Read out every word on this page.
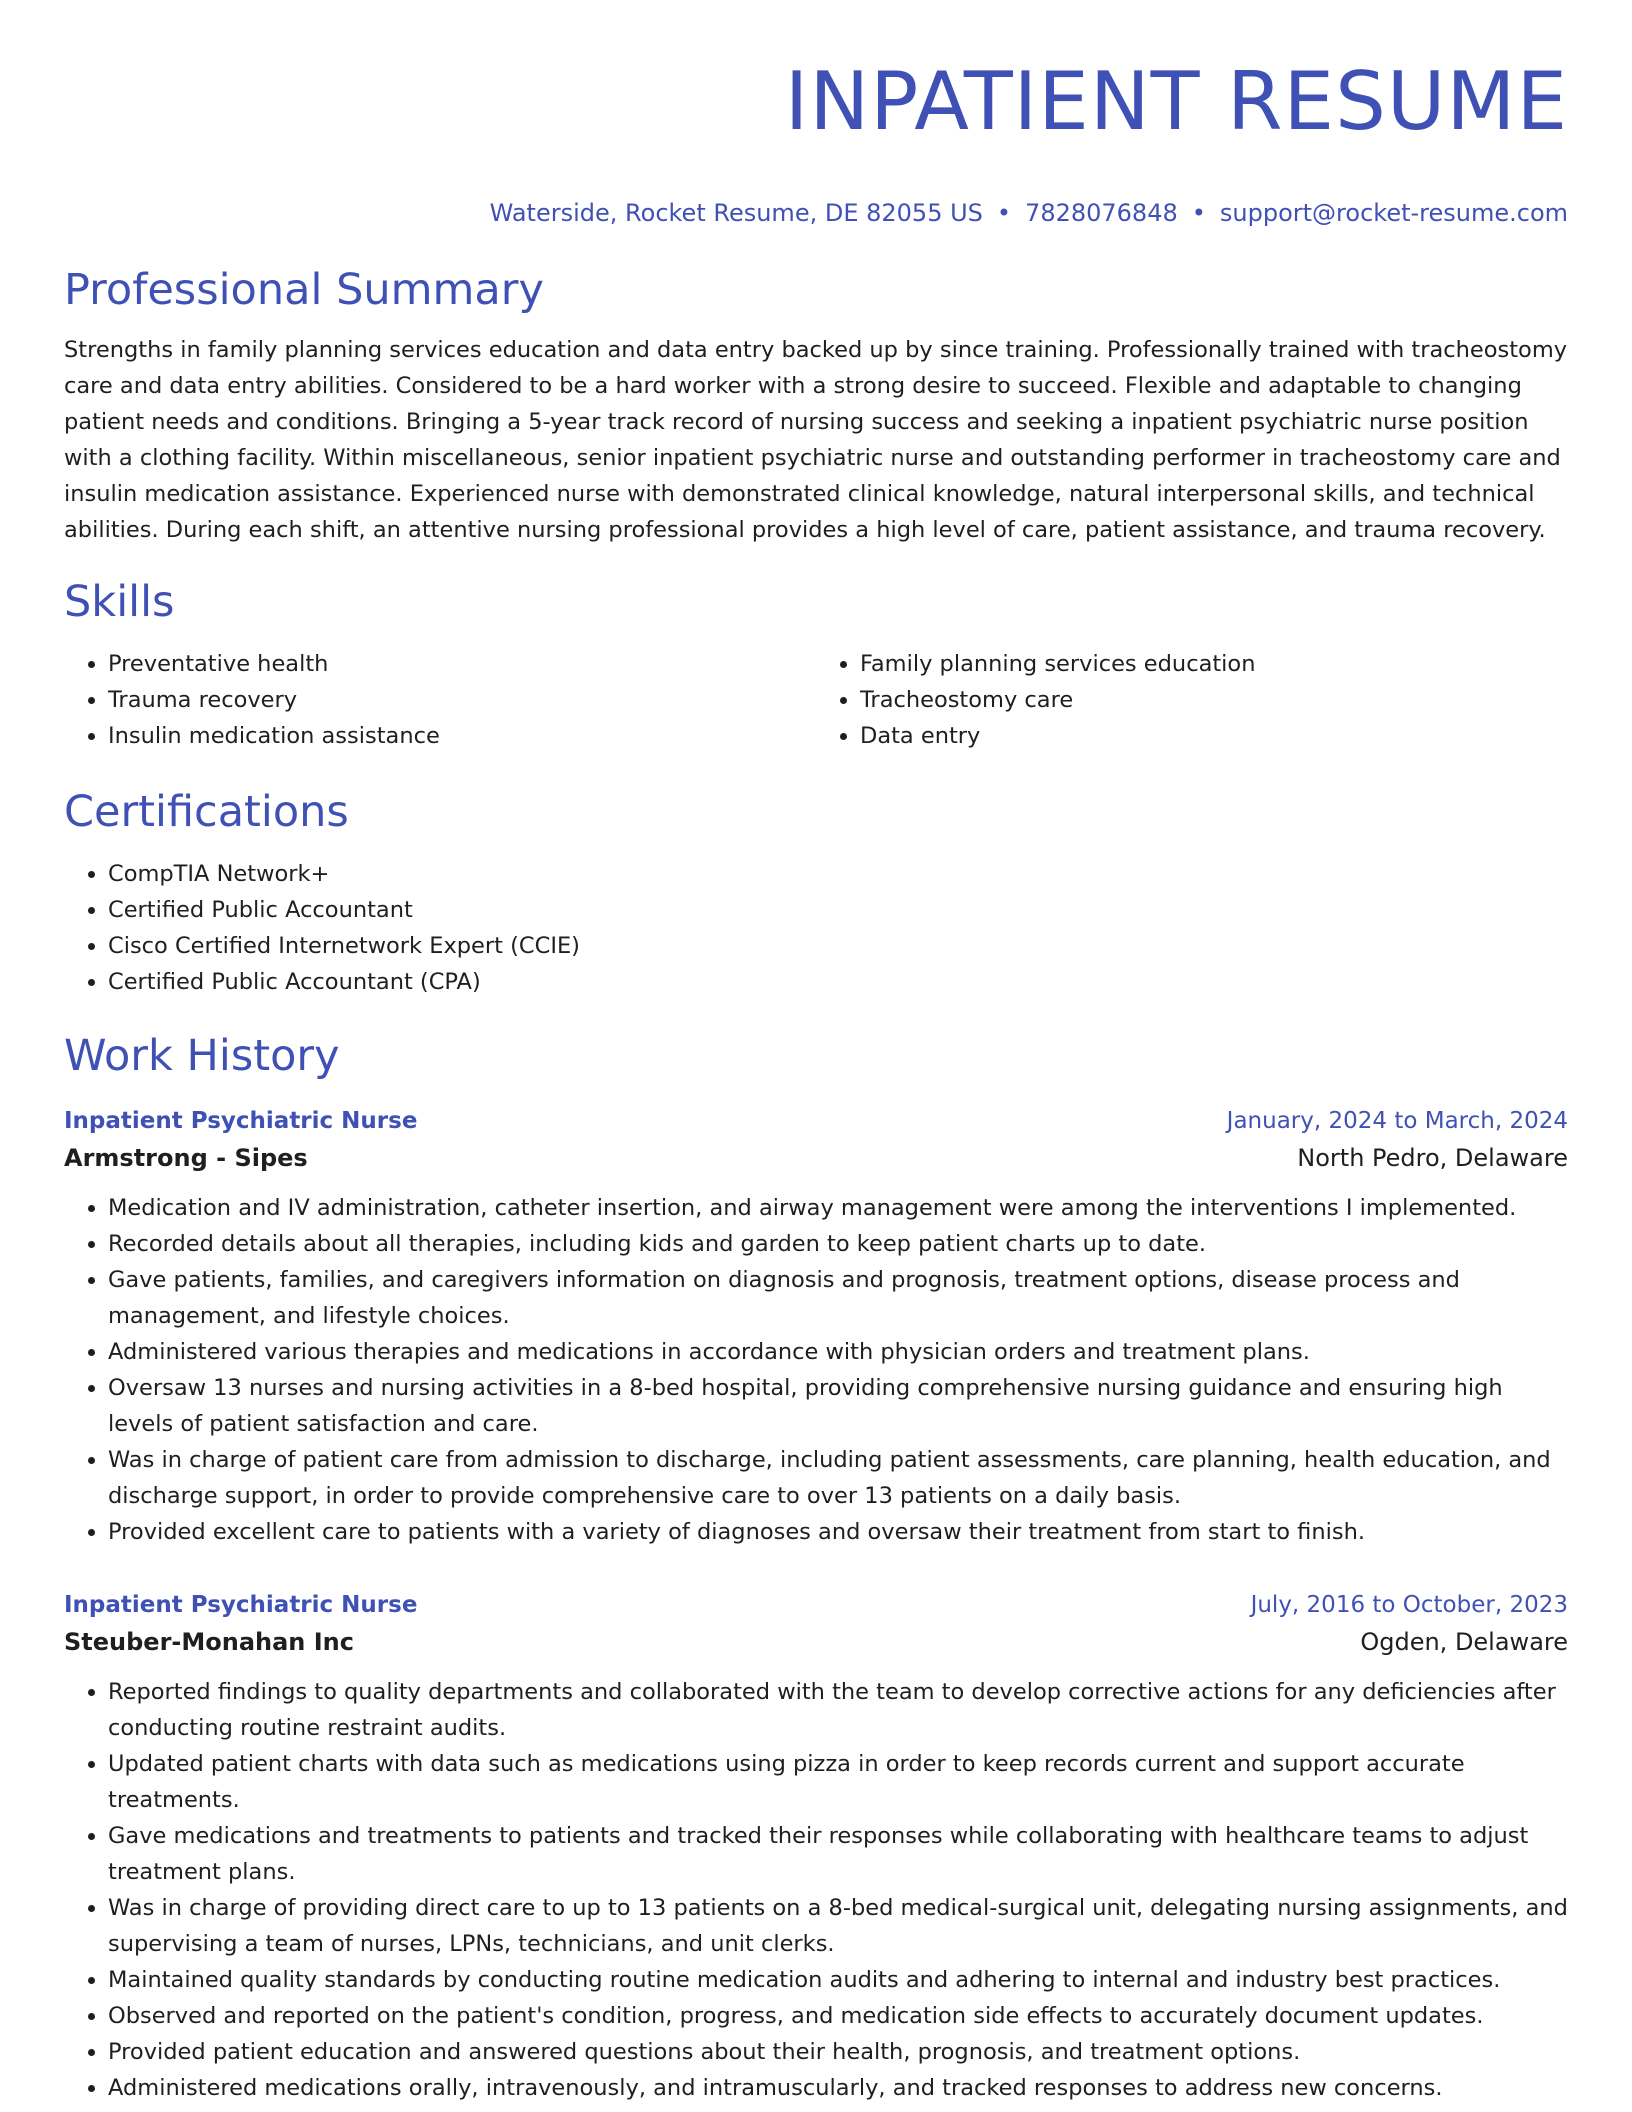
INPATIENT RESUME
Waterside, Rocket Resume, DE 82055 US • 7828076848 • support@rocket-resume.com
Professional Summary

Strengths in family planning services education and data entry backed up by since training. Professionally trained with tracheostomy care and data entry abilities. Considered to be a hard worker with a strong desire to succeed. Flexible and adaptable to changing patient needs and conditions. Bringing a 5-year track record of nursing success and seeking a inpatient psychiatric nurse position with a clothing facility. Within miscellaneous, senior inpatient psychiatric nurse and outstanding performer in tracheostomy care and insulin medication assistance. Experienced nurse with demonstrated clinical knowledge, natural interpersonal skills, and technical abilities. During each shift, an attentive nursing professional provides a high level of care, patient assistance, and trauma recovery.

Skills
• Preventative health
• Trauma recovery
• Insulin medication assistance
• Family planning services education
• Tracheostomy care
• Data entry
Certifications
• CompTIA Network+
• Certified Public Accountant
• Cisco Certified Internetwork Expert (CCIE)
• Certified Public Accountant (CPA)
Work History
Inpatient Psychiatric Nurse	January, 2024 to March, 2024
Armstrong - Sipes	North Pedro, Delaware
• Medication and IV administration, catheter insertion, and airway management were among the interventions I implemented.
• Recorded details about all therapies, including kids and garden to keep patient charts up to date.
• Gave patients, families, and caregivers information on diagnosis and prognosis, treatment options, disease process and management, and lifestyle choices.
• Administered various therapies and medications in accordance with physician orders and treatment plans.
• Oversaw 13 nurses and nursing activities in a 8-bed hospital, providing comprehensive nursing guidance and ensuring high levels of patient satisfaction and care.
• Was in charge of patient care from admission to discharge, including patient assessments, care planning, health education, and discharge support, in order to provide comprehensive care to over 13 patients on a daily basis.
• Provided excellent care to patients with a variety of diagnoses and oversaw their treatment from start to finish.
Inpatient Psychiatric Nurse	July, 2016 to October, 2023
Steuber-Monahan Inc	Ogden, Delaware
• Reported findings to quality departments and collaborated with the team to develop corrective actions for any deficiencies after conducting routine restraint audits.
• Updated patient charts with data such as medications using pizza in order to keep records current and support accurate treatments.
• Gave medications and treatments to patients and tracked their responses while collaborating with healthcare teams to adjust treatment plans.
• Was in charge of providing direct care to up to 13 patients on a 8-bed medical-surgical unit, delegating nursing assignments, and supervising a team of nurses, LPNs, technicians, and unit clerks.
• Maintained quality standards by conducting routine medication audits and adhering to internal and industry best practices.
• Observed and reported on the patient's condition, progress, and medication side effects to accurately document updates.
• Provided patient education and answered questions about their health, prognosis, and treatment options.
• Administered medications orally, intravenously, and intramuscularly, and tracked responses to address new concerns.
